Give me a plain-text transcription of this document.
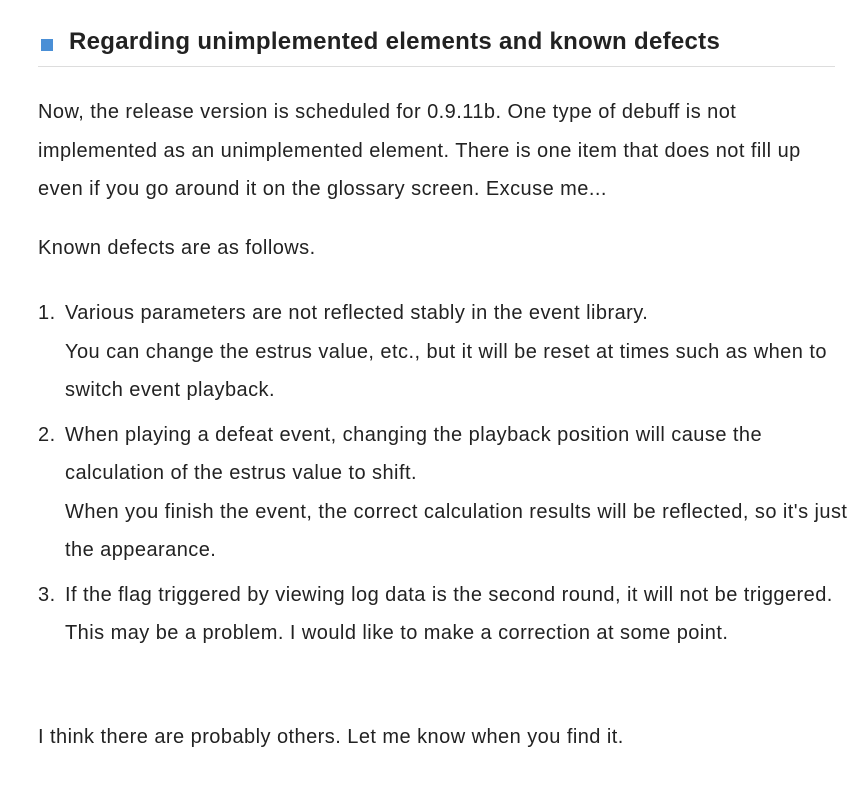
Regarding unimplemented elements and known defects

Now, the release version is scheduled for 0.9.11b. One type of debuff is not implemented as an unimplemented element. There is one item that does not fill up even if you go around it on the glossary screen. Excuse me...

Known defects are as follows.

1. Various parameters are not reflected stably in the event library.
You can change the estrus value, etc., but it will be reset at times such as when to switch event playback.
2. When playing a defeat event, changing the playback position will cause the calculation of the estrus value to shift.
When you finish the event, the correct calculation results will be reflected, so it's just the appearance.
3. If the flag triggered by viewing log data is the second round, it will not be triggered.
This may be a problem. I would like to make a correction at some point.

I think there are probably others. Let me know when you find it.
